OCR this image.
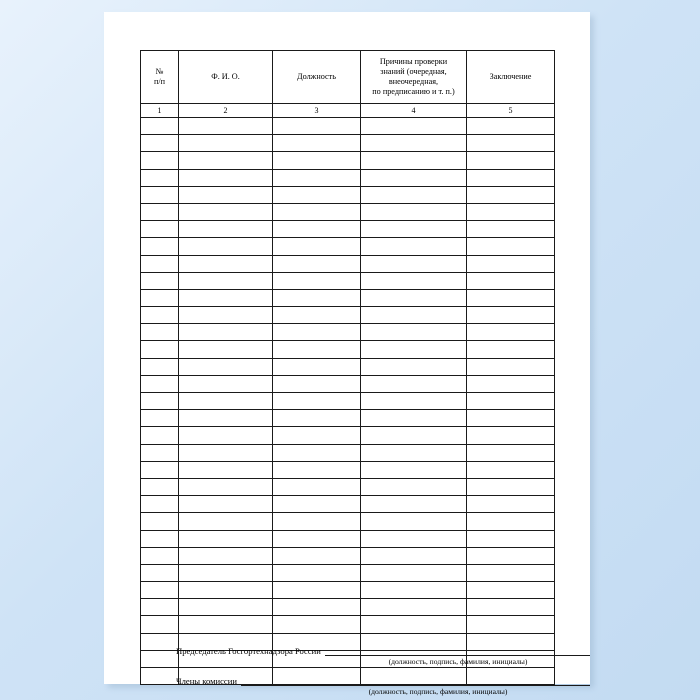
№
п/п	Ф. И. О.	Должность	Причины проверки
знаний (очередная,
внеочередная,
по предписанию и т. п.)	Заключение

1	2	3	4	5

Председатель Госгортехнадзора России
(должность, подпись, фамилия, инициалы)
Члены комиссии
(должность, подпись, фамилия, инициалы)
